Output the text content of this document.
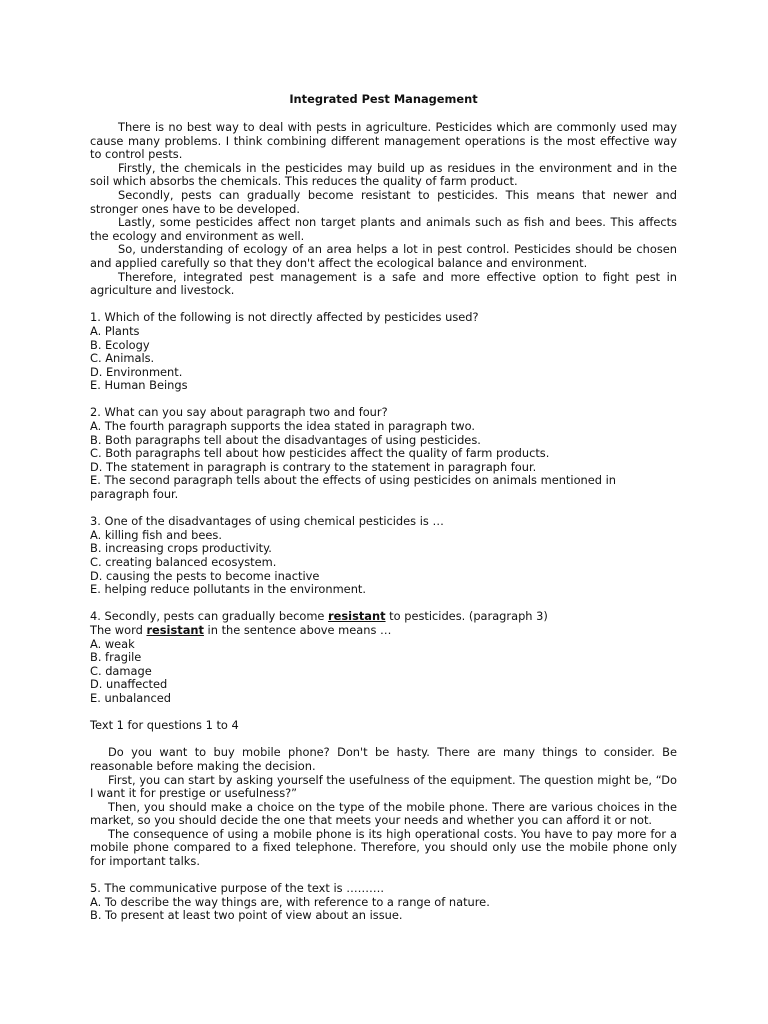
Integrated Pest Management

There is no best way to deal with pests in agriculture. Pesticides which are commonly used may cause many problems. I think combining different management operations is the most effective way to control pests.

Firstly, the chemicals in the pesticides may build up as residues in the environment and in the soil which absorbs the chemicals. This reduces the quality of farm product.

Secondly, pests can gradually become resistant to pesticides. This means that newer and stronger ones have to be developed.

Lastly, some pesticides affect non target plants and animals such as fish and bees. This affects the ecology and environment as well.

So, understanding of ecology of an area helps a lot in pest control. Pesticides should be chosen and applied carefully so that they don't affect the ecological balance and environment.

Therefore, integrated pest management is a safe and more effective option to fight pest in agriculture and livestock.

1. Which of the following is not directly affected by pesticides used?
A. Plants
B. Ecology
C. Animals.
D. Environment.
E. Human Beings
2. What can you say about paragraph two and four?
A. The fourth paragraph supports the idea stated in paragraph two.
B. Both paragraphs tell about the disadvantages of using pesticides.
C. Both paragraphs tell about how pesticides affect the quality of farm products.
D. The statement in paragraph is contrary to the statement in paragraph four.
E. The second paragraph tells about the effects of using pesticides on animals mentioned in paragraph four.
3. One of the disadvantages of using chemical pesticides is …
A. killing fish and bees.
B. increasing crops productivity.
C. creating balanced ecosystem.
D. causing the pests to become inactive
E. helping reduce pollutants in the environment.
4. Secondly, pests can gradually become resistant to pesticides. (paragraph 3)
The word resistant in the sentence above means …
A. weak
B. fragile
C. damage
D. unaffected
E. unbalanced
Text 1 for questions 1 to 4

Do you want to buy mobile phone? Don't be hasty. There are many things to consider. Be reasonable before making the decision.

First, you can start by asking yourself the usefulness of the equipment. The question might be, “Do I want it for prestige or usefulness?”

Then, you should make a choice on the type of the mobile phone. There are various choices in the market, so you should decide the one that meets your needs and whether you can afford it or not.

The consequence of using a mobile phone is its high operational costs. You have to pay more for a mobile phone compared to a fixed telephone. Therefore, you should only use the mobile phone only for important talks.

5. The communicative purpose of the text is ……….
A. To describe the way things are, with reference to a range of nature.
B. To present at least two point of view about an issue.
